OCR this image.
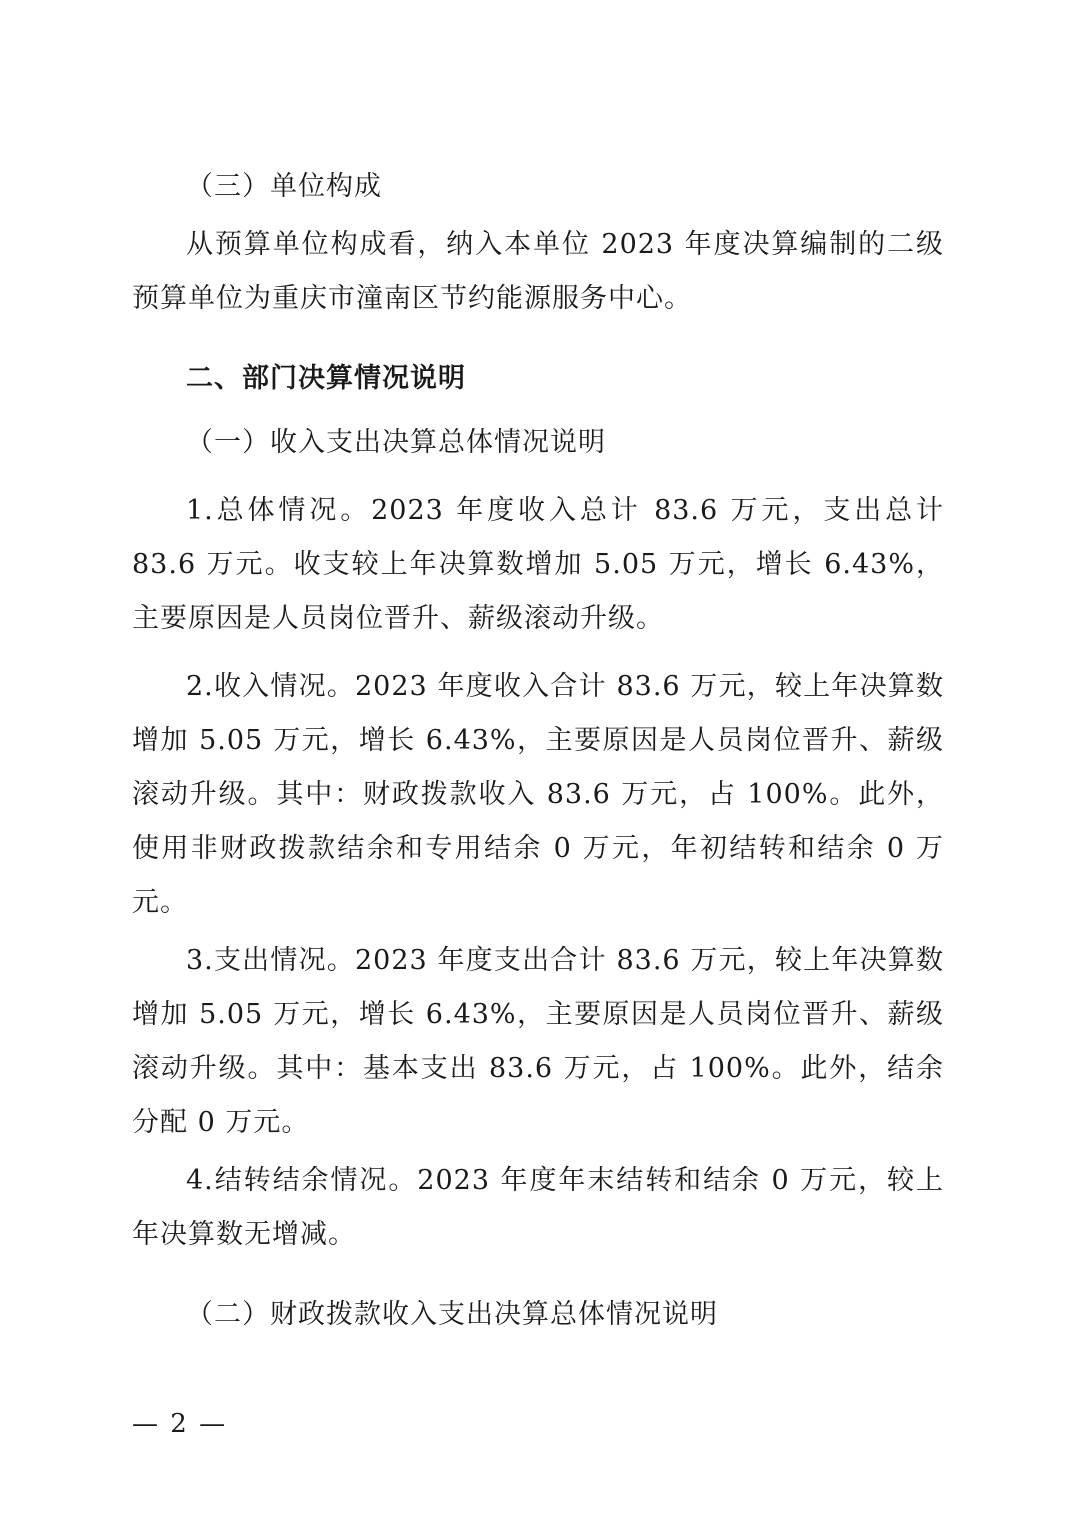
（三）单位构成

从预算单位构成看，纳入本单位 2023 年度决算编制的二级预算单位为重庆市潼南区节约能源服务中心。

二、部门决算情况说明

（一）收入支出决算总体情况说明

1.总体情况。2023 年度收入总计 83.6 万元，支出总计 83.6 万元。收支较上年决算数增加 5.05 万元，增长 6.43%，主要原因是人员岗位晋升、薪级滚动升级。

2.收入情况。2023 年度收入合计 83.6 万元，较上年决算数增加 5.05 万元，增长 6.43%，主要原因是人员岗位晋升、薪级滚动升级。其中：财政拨款收入 83.6 万元，占 100%。此外，使用非财政拨款结余和专用结余 0 万元，年初结转和结余 0 万元。

3.支出情况。2023 年度支出合计 83.6 万元，较上年决算数增加 5.05 万元，增长 6.43%，主要原因是人员岗位晋升、薪级滚动升级。其中：基本支出 83.6 万元，占 100%。此外，结余分配 0 万元。

4.结转结余情况。2023 年度年末结转和结余 0 万元，较上年决算数无增减。

（二）财政拨款收入支出决算总体情况说明

— 2 —
